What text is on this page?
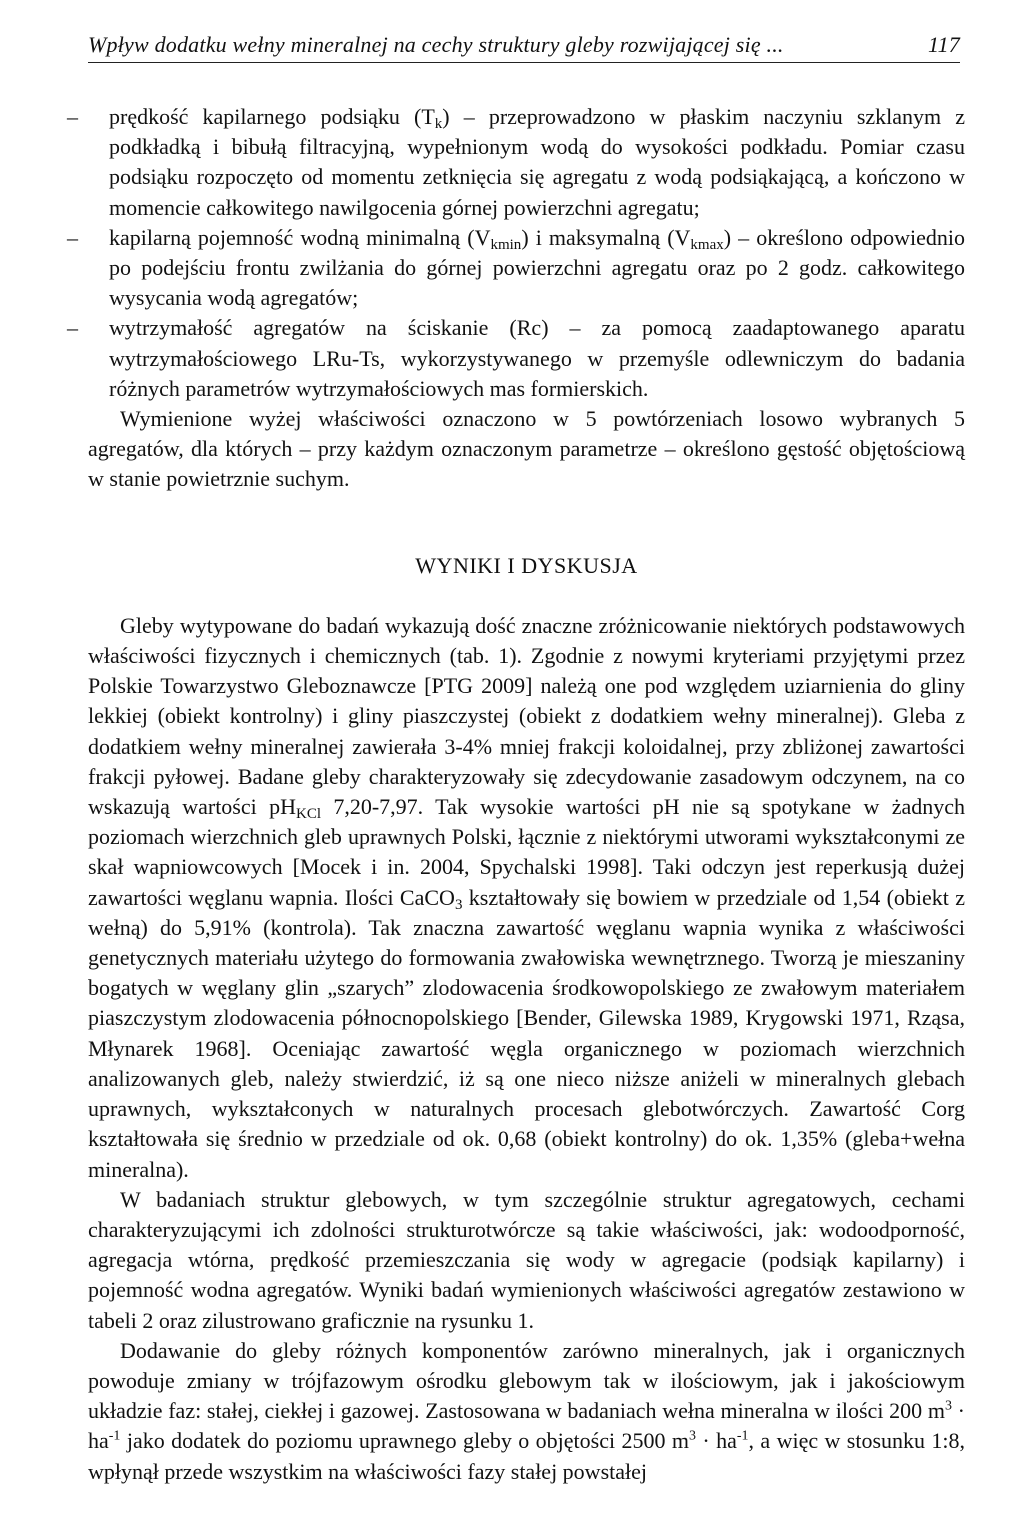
Wpływ dodatku wełny mineralnej na cechy struktury gleby rozwijającej się ...	117
– prędkość kapilarnego podsiąku $(T_k)$ – przeprowadzono w płaskim naczyniu szklanym z podkładką i bibułą filtracyjną, wypełnionym wodą do wysokości podkładu. Pomiar czasu podsiąku rozpoczęto od momentu zetknięcia się agregatu z wodą podsiąkającą, a kończono w momencie całkowitego nawilgocenia górnej powierzchni agregatu;
– kapilarną pojemność wodną minimalną $(V_{kmin})$ i maksymalną $(V_{kmax})$ – określono odpowiednio po podejściu frontu zwilżania do górnej powierzchni agregatu oraz po 2 godz. całkowitego wysycania wodą agregatów;
– wytrzymałość agregatów na ściskanie (Rc) – za pomocą zaadaptowanego aparatu wytrzymałościowego LRu-Ts, wykorzystywanego w przemyśle odlewniczym do badania różnych parametrów wytrzymałościowych mas formierskich.

Wymienione wyżej właściwości oznaczono w 5 powtórzeniach losowo wybranych 5 agregatów, dla których – przy każdym oznaczonym parametrze – określono gęstość objętościową w stanie powietrznie suchym.

WYNIKI I DYSKUSJA

Gleby wytypowane do badań wykazują dość znaczne zróżnicowanie niektórych podstawowych właściwości fizycznych i chemicznych (tab. 1). Zgodnie z nowymi kryteriami przyjętymi przez Polskie Towarzystwo Gleboznawcze [PTG 2009] należą one pod względem uziarnienia do gliny lekkiej (obiekt kontrolny) i gliny piaszczystej (obiekt z dodatkiem wełny mineralnej). Gleba z dodatkiem wełny mineralnej zawierała 3-4% mniej frakcji koloidalnej, przy zbliżonej zawartości frakcji pyłowej. Badane gleby charakteryzowały się zdecydowanie zasadowym odczynem, na co wskazują wartości $pH_{KCl}$ 7,20-7,97. Tak wysokie wartości pH nie są spotykane w żadnych poziomach wierzchnich gleb uprawnych Polski, łącznie z niektórymi utworami wykształconymi ze skał wapniowcowych [Mocek i in. 2004, Spychalski 1998]. Taki odczyn jest reperkusją dużej zawartości węglanu wapnia. Ilości CaCO$_3$ kształtowały się bowiem w przedziale od 1,54 (obiekt z wełną) do 5,91% (kontrola). Tak znaczna zawartość węglanu wapnia wynika z właściwości genetycznych materiału użytego do formowania zwałowiska wewnętrznego. Tworzą je mieszaniny bogatych w węglany glin „szarych” zlodowacenia środkowopolskiego ze zwałowym materiałem piaszczystym zlodowacenia północnopolskiego [Bender, Gilewska 1989, Krygowski 1971, Rząsa, Młynarek 1968]. Oceniając zawartość węgla organicznego w poziomach wierzchnich analizowanych gleb, należy stwierdzić, iż są one nieco niższe aniżeli w mineralnych glebach uprawnych, wykształconych w naturalnych procesach glebotwórczych. Zawartość Corg kształtowała się średnio w przedziale od ok. 0,68 (obiekt kontrolny) do ok. 1,35% (gleba+wełna mineralna).

W badaniach struktur glebowych, w tym szczególnie struktur agregatowych, cechami charakteryzującymi ich zdolności strukturotwórcze są takie właściwości, jak: wodoodporność, agregacja wtórna, prędkość przemieszczania się wody w agregacie (podsiąk kapilarny) i pojemność wodna agregatów. Wyniki badań wymienionych właściwości agregatów zestawiono w tabeli 2 oraz zilustrowano graficznie na rysunku 1.

Dodawanie do gleby różnych komponentów zarówno mineralnych, jak i organicznych powoduje zmiany w trójfazowym ośrodku glebowym tak w ilościowym, jak i jakościowym układzie faz: stałej, ciekłej i gazowej. Zastosowana w badaniach wełna mineralna w ilości 200 $m^3 \cdot ha^{-1}$ jako dodatek do poziomu uprawnego gleby o objętości 2500 $m^3 \cdot ha^{-1}$, a więc w stosunku 1:8, wpłynął przede wszystkim na właściwości fazy stałej powstałej
